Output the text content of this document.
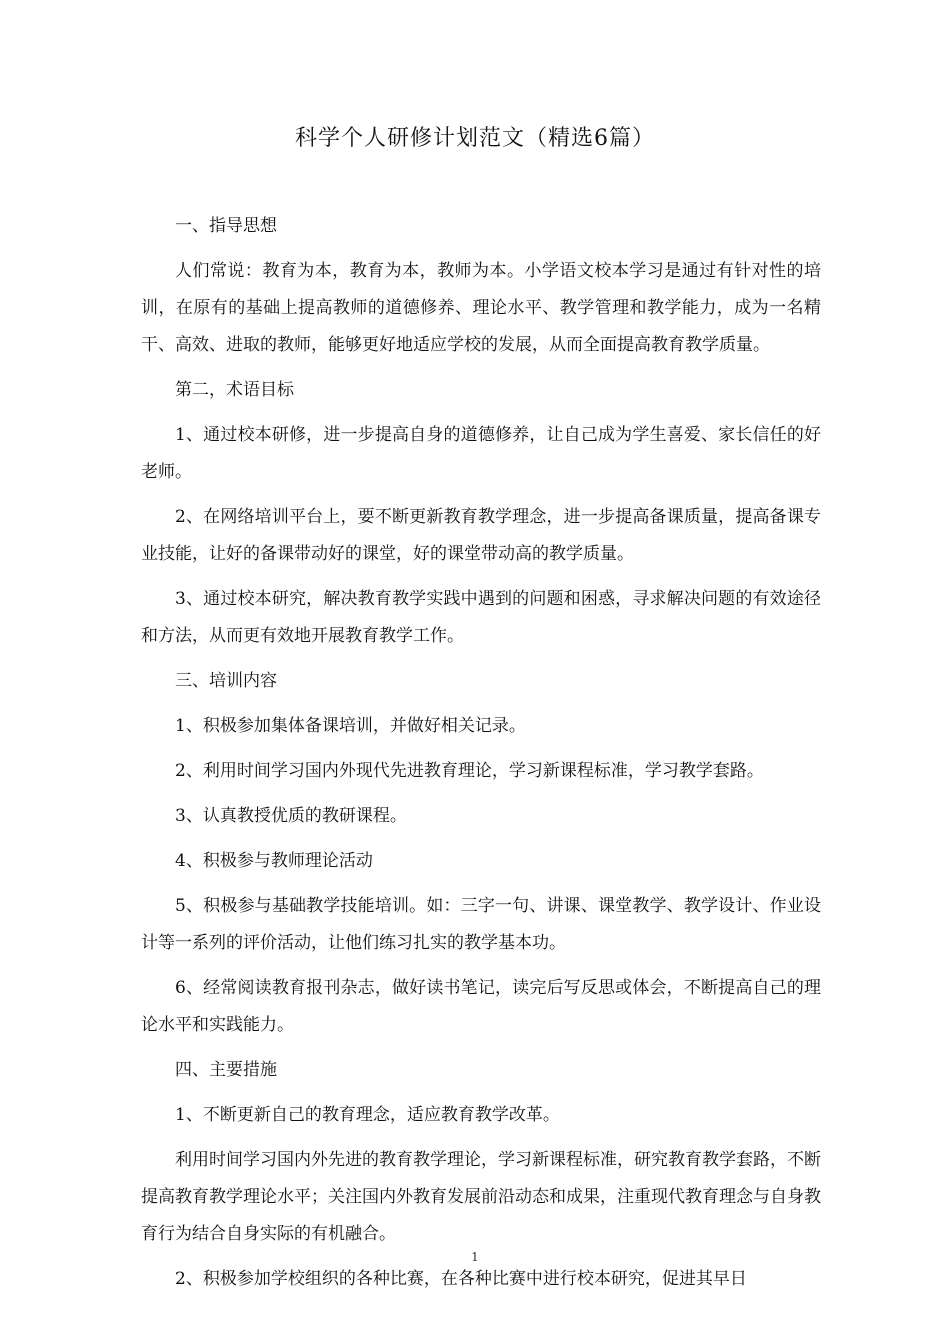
科学个人研修计划范文（精选6篇）

一、指导思想

人们常说：教育为本，教育为本，教师为本。小学语文校本学习是通过有针对性的培训，在原有的基础上提高教师的道德修养、理论水平、教学管理和教学能力，成为一名精干、高效、进取的教师，能够更好地适应学校的发展，从而全面提高教育教学质量。

第二，术语目标

1、通过校本研修，进一步提高自身的道德修养，让自己成为学生喜爱、家长信任的好老师。

2、在网络培训平台上，要不断更新教育教学理念，进一步提高备课质量，提高备课专业技能，让好的备课带动好的课堂，好的课堂带动高的教学质量。

3、通过校本研究，解决教育教学实践中遇到的问题和困惑，寻求解决问题的有效途径和方法，从而更有效地开展教育教学工作。

三、培训内容

1、积极参加集体备课培训，并做好相关记录。

2、利用时间学习国内外现代先进教育理论，学习新课程标准，学习教学套路。

3、认真教授优质的教研课程。

4、积极参与教师理论活动

5、积极参与基础教学技能培训。如：三字一句、讲课、课堂教学、教学设计、作业设计等一系列的评价活动，让他们练习扎实的教学基本功。

6、经常阅读教育报刊杂志，做好读书笔记，读完后写反思或体会，不断提高自己的理论水平和实践能力。

四、主要措施

1、不断更新自己的教育理念，适应教育教学改革。

利用时间学习国内外先进的教育教学理论，学习新课程标准，研究教育教学套路，不断提高教育教学理论水平；关注国内外教育发展前沿动态和成果，注重现代教育理念与自身教育行为结合自身实际的有机融合。

2、积极参加学校组织的各种比赛，在各种比赛中进行校本研究，促进其早日

1
